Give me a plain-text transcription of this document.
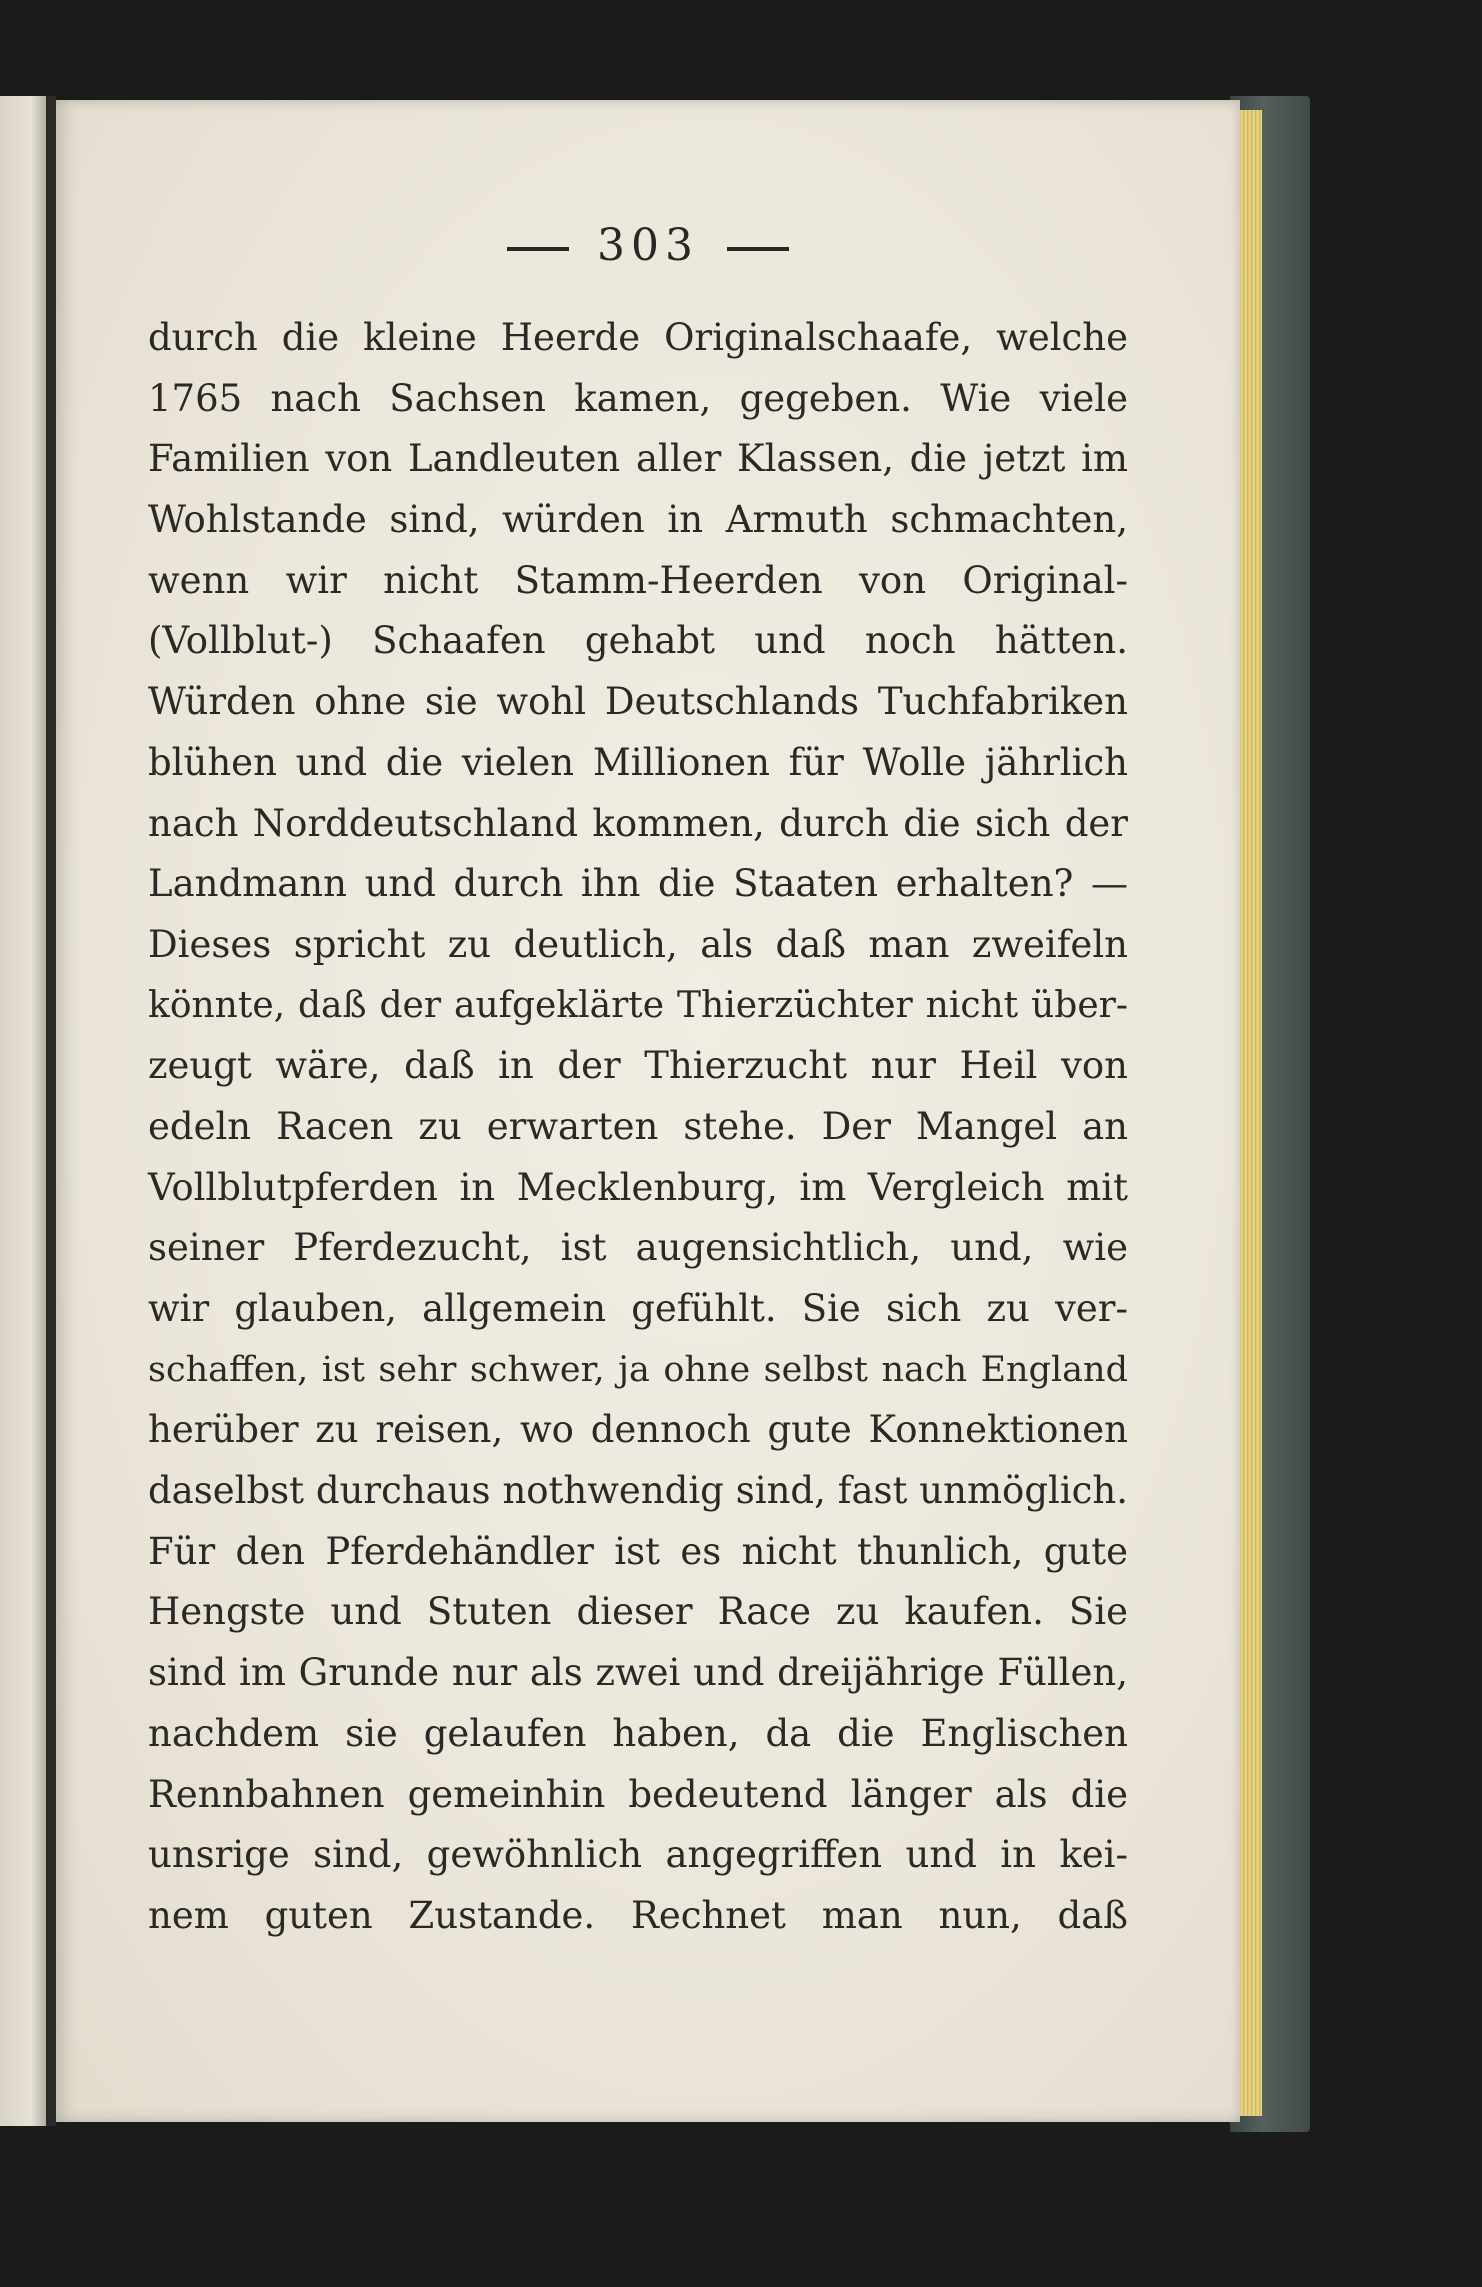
303
durch die kleine Heerde Originalschaafe, welche
1765 nach Sachsen kamen, gegeben. Wie viele
Familien von Landleuten aller Klassen, die jetzt im
Wohlstande sind, würden in Armuth schmachten,
wenn wir nicht Stamm-Heerden von Original-
(Vollblut-) Schaafen gehabt und noch hätten.
Würden ohne sie wohl Deutschlands Tuchfabriken
blühen und die vielen Millionen für Wolle jährlich
nach Norddeutschland kommen, durch die sich der
Landmann und durch ihn die Staaten erhalten? —
Dieses spricht zu deutlich, als daß man zweifeln
könnte, daß der aufgeklärte Thierzüchter nicht über-
zeugt wäre, daß in der Thierzucht nur Heil von
edeln Racen zu erwarten stehe. Der Mangel an
Vollblutpferden in Mecklenburg, im Vergleich mit
seiner Pferdezucht, ist augensichtlich, und, wie
wir glauben, allgemein gefühlt. Sie sich zu ver-
schaffen, ist sehr schwer, ja ohne selbst nach England
herüber zu reisen, wo dennoch gute Konnektionen
daselbst durchaus nothwendig sind, fast unmöglich.
Für den Pferdehändler ist es nicht thunlich, gute
Hengste und Stuten dieser Race zu kaufen. Sie
sind im Grunde nur als zwei und dreijährige Füllen,
nachdem sie gelaufen haben, da die Englischen
Rennbahnen gemeinhin bedeutend länger als die
unsrige sind, gewöhnlich angegriffen und in kei-
nem guten Zustande. Rechnet man nun, daß
